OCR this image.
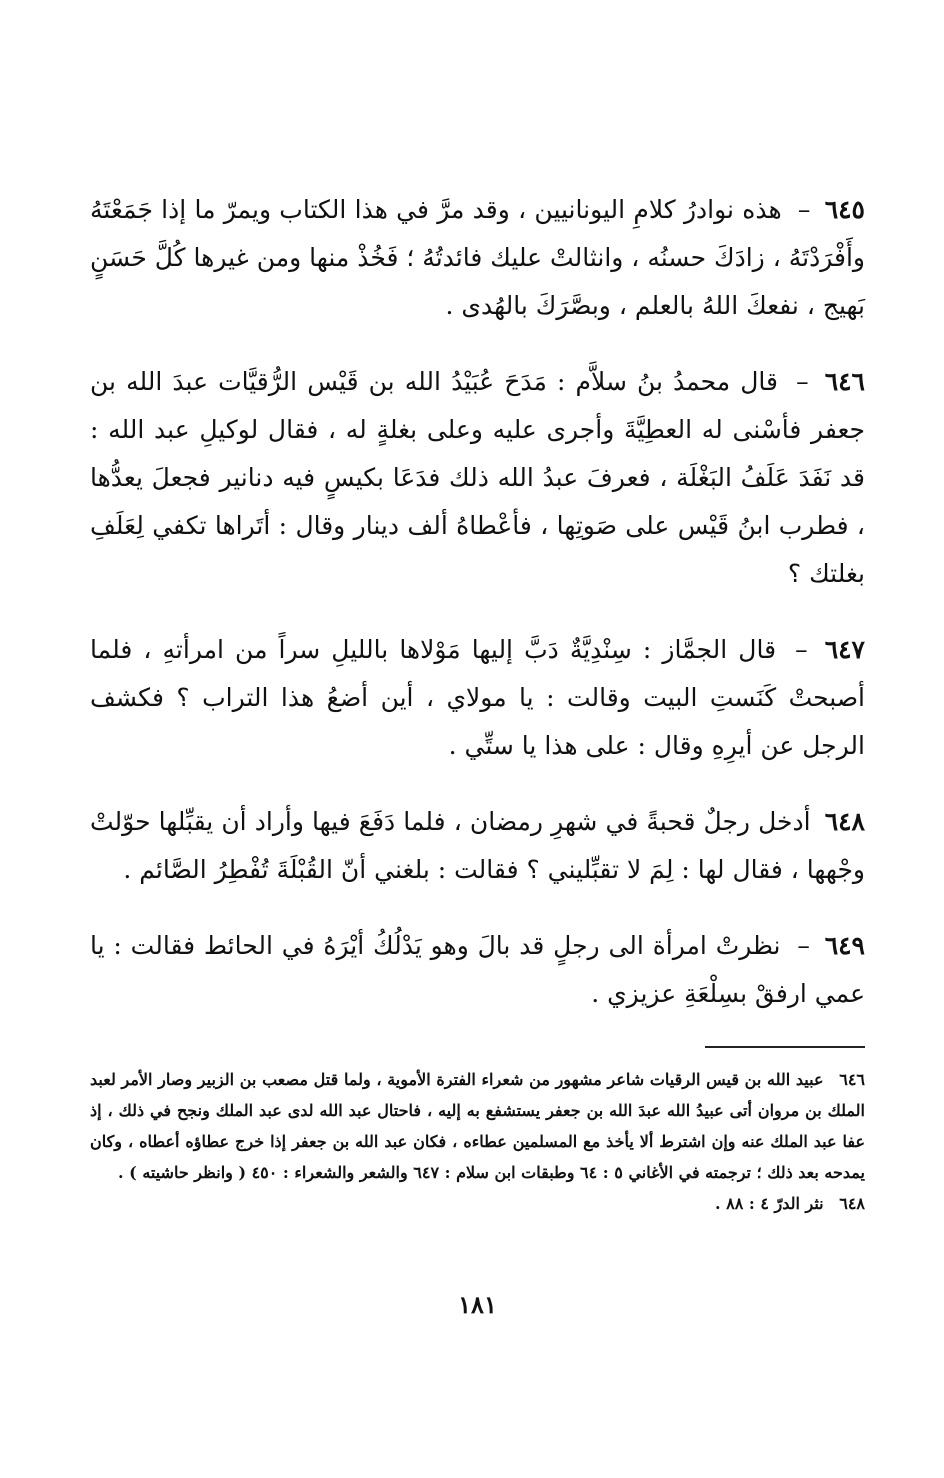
٦٤٥ – هذه نوادرُ كلامِ اليونانيين ، وقد مرَّ في هذا الكتاب ويمرّ ما إذا جَمَعْتَهُ وأَفْرَدْتَهُ ، زادَكَ حسنُه ، وانثالتْ عليك فائدتُهُ ؛ فَخُذْ منها ومن غيرها كُلَّ حَسَنٍ بَهيج ، نفعكَ اللهُ بالعلم ، وبصَّرَكَ بالهُدى .

٦٤٦ – قال محمدُ بنُ سلاَّم : مَدَحَ عُبَيْدُ الله بن قَيْس الرُّقيَّات عبدَ الله بن جعفر فأسْنى له العطِيَّةَ وأجرى عليه وعلى بغلةٍ له ، فقال لوكيلِ عبد الله : قد نَفَدَ عَلَفُ البَغْلَة ، فعرفَ عبدُ الله ذلك فدَعَا بكيسٍ فيه دنانير فجعلَ يعدُّها ، فطرب ابنُ قَيْس على صَوتِها ، فأعْطاهُ ألف دينار وقال : أتَراها تكفي لِعَلَفِ بغلتك ؟

٦٤٧ – قال الجمَّاز : سِنْدِيَّةٌ دَبَّ إليها مَوْلاها بالليلِ سراً من امرأتهِ ، فلما أصبحتْ كَنَستِ البيت وقالت : يا مولاي ، أين أضعُ هذا التراب ؟ فكشف الرجل عن أيرِهِ وقال : على هذا يا ستِّي .

٦٤٨ أدخل رجلٌ قحبةً في شهرِ رمضان ، فلما دَفَعَ فيها وأراد أن يقبِّلها حوّلتْ وجْهها ، فقال لها : لِمَ لا تقبِّليني ؟ فقالت : بلغني أنّ القُبْلَةَ تُفْطِرُ الصَّائم .

٦٤٩ – نظرتْ امرأة الى رجلٍ قد بالَ وهو يَدْلُكُ أيْرَهُ في الحائط فقالت : يا عمي ارفقْ بسِلْعَةِ عزيزي .

٦٤٦ عبيد الله بن قيس الرقيات شاعر مشهور من شعراء الفترة الأموية ، ولما قتل مصعب بن الزبير وصار الأمر لعبد الملك بن مروان أتى عبيدُ الله عبدَ الله بن جعفر يستشفع به إليه ، فاحتال عبد الله لدى عبد الملك ونجح في ذلك ، إذ عفا عبد الملك عنه وإن اشترط ألا يأخذ مع المسلمين عطاءه ، فكان عبد الله بن جعفر إذا خرج عطاؤه أعطاه ، وكان يمدحه بعد ذلك ؛ ترجمته في الأغاني ٥ : ٦٤ وطبقات ابن سلام : ٦٤٧ والشعر والشعراء : ٤٥٠ ( وانظر حاشيته ) .

٦٤٨ نثر الدرّ ٤ : ٨٨ .

١٨١
